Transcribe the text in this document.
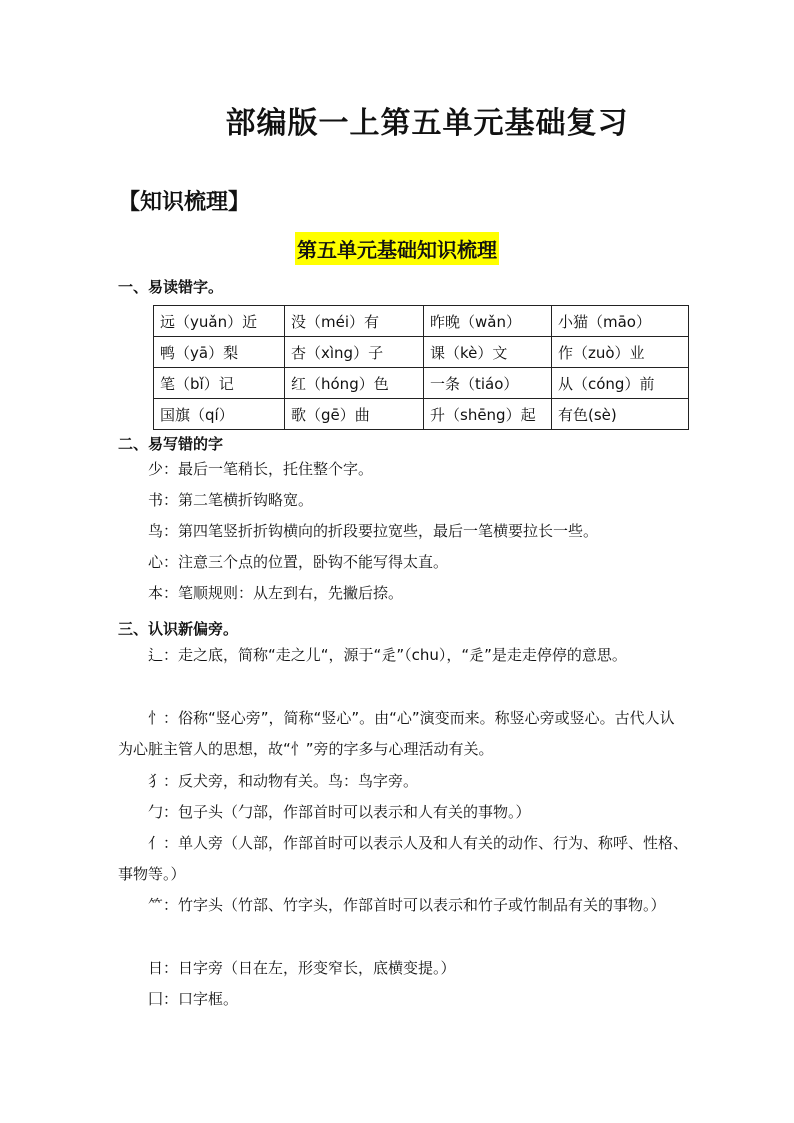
部编版一上第五单元基础复习
【知识梳理】
第五单元基础知识梳理
一、易读错字。
远（yuǎn）近	没（méi）有	昨晚（wǎn）	小猫（māo）
鸭（yā）梨	杏（xìng）子	课（kè）文	作（zuò）业
笔（bǐ）记	红（hóng）色	一条（tiáo）	从（cóng）前
国旗（qí）	歌（gē）曲	升（shēng）起	有色(sè)
二、易写错的字
少：最后一笔稍长，托住整个字。
书：第二笔横折钩略宽。
鸟：第四笔竖折折钩横向的折段要拉宽些，最后一笔横要拉长一些。
心：注意三个点的位置，卧钩不能写得太直。
本：笔顺规则：从左到右，先撇后捺。
三、认识新偏旁。
⻍：走之底，简称“走之儿“，源于“辵”（chu），“辵”是走走停停的意思。
忄：俗称“竖心旁”，简称“竖心”。由“心”演变而来。称竖心旁或竖心。古代人认为心脏主管人的思想，故“忄”旁的字多与心理活动有关。
犭：反犬旁，和动物有关。鸟：鸟字旁。
勹：包子头（勹部，作部首时可以表示和人有关的事物。）
亻：单人旁（人部，作部首时可以表示人及和人有关的动作、行为、称呼、性格、事物等。）
⺮：竹字头（竹部、竹字头，作部首时可以表示和竹子或竹制品有关的事物。）
日：日字旁（日在左，形变窄长，底横变提。）
囗：口字框。
